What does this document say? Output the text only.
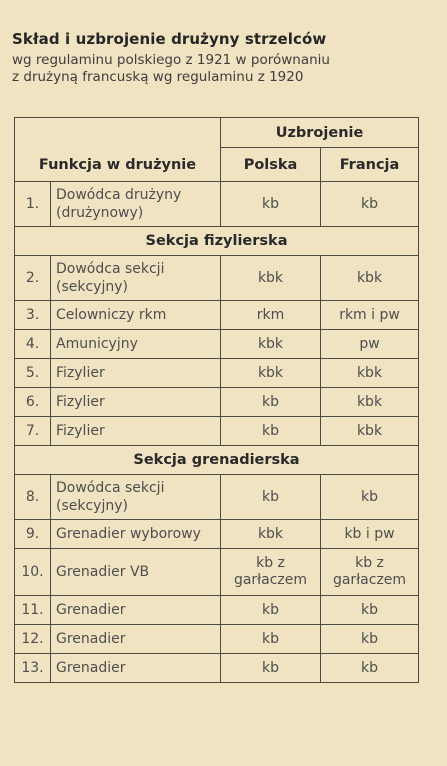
Skład i uzbrojenie drużyny strzelców
wg regulaminu polskiego z 1921 w porównaniu
z drużyną francuską wg regulaminu z 1920
Funkcja w drużynie		Uzbrojenie	
		Polska	Francja
1.	Dowódca drużyny (drużynowy)	kb	kb
Sekcja fizylierska			
2.	Dowódca sekcji (sekcyjny)	kbk	kbk
3.	Celowniczy rkm	rkm	rkm i pw
4.	Amunicyjny	kbk	pw
5.	Fizylier	kbk	kbk
6.	Fizylier	kb	kbk
7.	Fizylier	kb	kbk
Sekcja grenadierska			
8.	Dowódca sekcji (sekcyjny)	kb	kb
9.	Grenadier wyborowy	kbk	kb i pw
10.	Grenadier VB	kb z garłaczem	kb z garłaczem
11.	Grenadier	kb	kb
12.	Grenadier	kb	kb
13.	Grenadier	kb	kb
